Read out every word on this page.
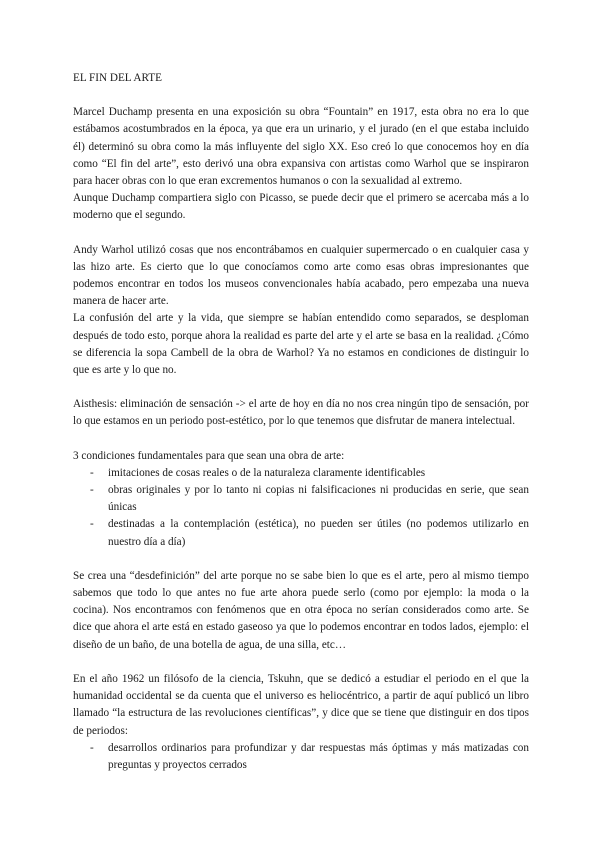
EL FIN DEL ARTE

Marcel Duchamp presenta en una exposición su obra “Fountain” en 1917, esta obra no era lo que estábamos acostumbrados en la época, ya que era un urinario, y el jurado (en el que estaba incluido él) determinó su obra como la más influyente del siglo XX. Eso creó lo que conocemos hoy en día como “El fin del arte”, esto derivó una obra expansiva con artistas como Warhol que se inspiraron para hacer obras con lo que eran excrementos humanos o con la sexualidad al extremo.

Aunque Duchamp compartiera siglo con Picasso, se puede decir que el primero se acercaba más a lo moderno que el segundo.

Andy Warhol utilizó cosas que nos encontrábamos en cualquier supermercado o en cualquier casa y las hizo arte. Es cierto que lo que conocíamos como arte como esas obras impresionantes que podemos encontrar en todos los museos convencionales había acabado, pero empezaba una nueva manera de hacer arte.

La confusión del arte y la vida, que siempre se habían entendido como separados, se desploman después de todo esto, porque ahora la realidad es parte del arte y el arte se basa en la realidad. ¿Cómo se diferencia la sopa Cambell de la obra de Warhol? Ya no estamos en condiciones de distinguir lo que es arte y lo que no.

Aisthesis: eliminación de sensación -> el arte de hoy en día no nos crea ningún tipo de sensación, por lo que estamos en un periodo post-estético, por lo que tenemos que disfrutar de manera intelectual.

3 condiciones fundamentales para que sean una obra de arte:

- imitaciones de cosas reales o de la naturaleza claramente identificables
- obras originales y por lo tanto ni copias ni falsificaciones ni producidas en serie, que sean únicas
- destinadas a la contemplación (estética), no pueden ser útiles (no podemos utilizarlo en nuestro día a día)

Se crea una “desdefinición” del arte porque no se sabe bien lo que es el arte, pero al mismo tiempo sabemos que todo lo que antes no fue arte ahora puede serlo (como por ejemplo: la moda o la cocina). Nos encontramos con fenómenos que en otra época no serían considerados como arte. Se dice que ahora el arte está en estado gaseoso ya que lo podemos encontrar en todos lados, ejemplo: el diseño de un baño, de una botella de agua, de una silla, etc…

En el año 1962 un filósofo de la ciencia, Tskuhn, que se dedicó a estudiar el periodo en el que la humanidad occidental se da cuenta que el universo es heliocéntrico, a partir de aquí publicó un libro llamado “la estructura de las revoluciones científicas”, y dice que se tiene que distinguir en dos tipos de periodos:

- desarrollos ordinarios para profundizar y dar respuestas más óptimas y más matizadas con preguntas y proyectos cerrados
